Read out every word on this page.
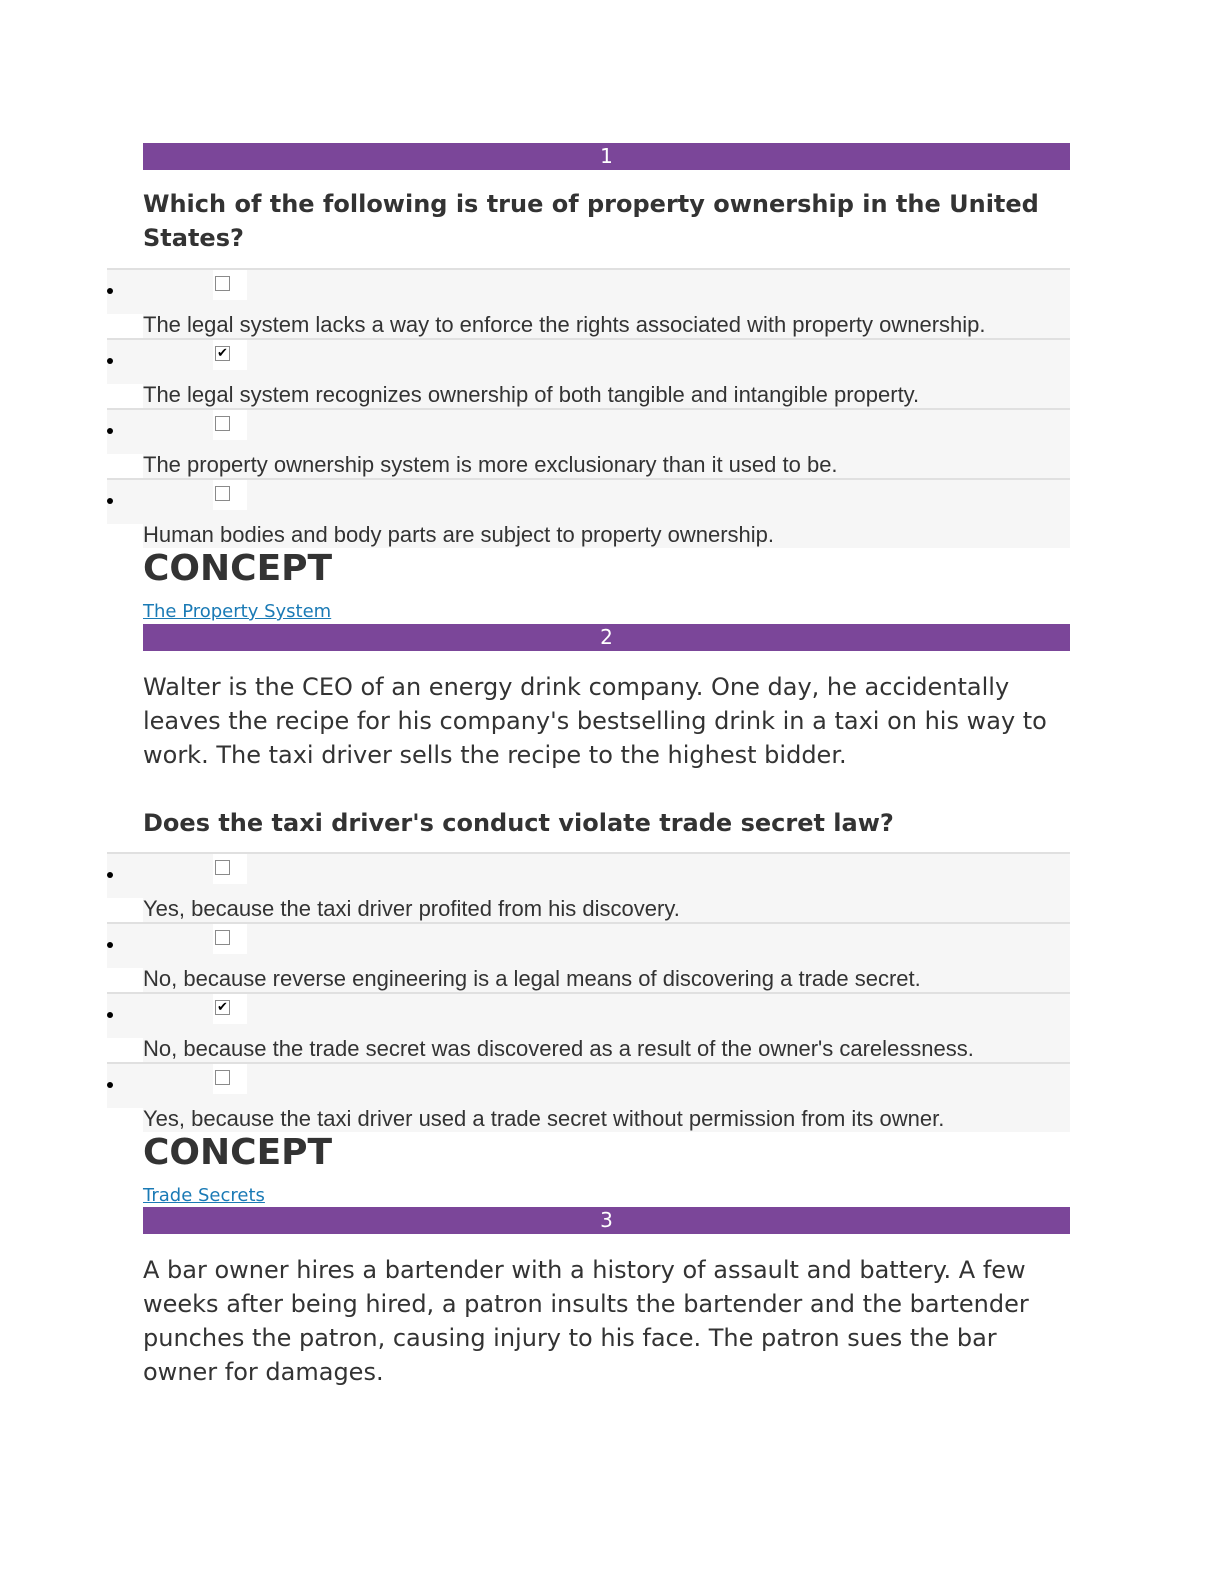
1
Which of the following is true of property ownership in the United States?
The legal system lacks a way to enforce the rights associated with property ownership.
✔
The legal system recognizes ownership of both tangible and intangible property.
The property ownership system is more exclusionary than it used to be.
Human bodies and body parts are subject to property ownership.
CONCEPT
The Property System
2
Walter is the CEO of an energy drink company. One day, he accidentally leaves the recipe for his company's bestselling drink in a taxi on his way to work. The taxi driver sells the recipe to the highest bidder.
Does the taxi driver's conduct violate trade secret law?
Yes, because the taxi driver profited from his discovery.
No, because reverse engineering is a legal means of discovering a trade secret.
✔
No, because the trade secret was discovered as a result of the owner's carelessness.
Yes, because the taxi driver used a trade secret without permission from its owner.
CONCEPT
Trade Secrets
3
A bar owner hires a bartender with a history of assault and battery. A few weeks after being hired, a patron insults the bartender and the bartender punches the patron, causing injury to his face. The patron sues the bar owner for damages.
